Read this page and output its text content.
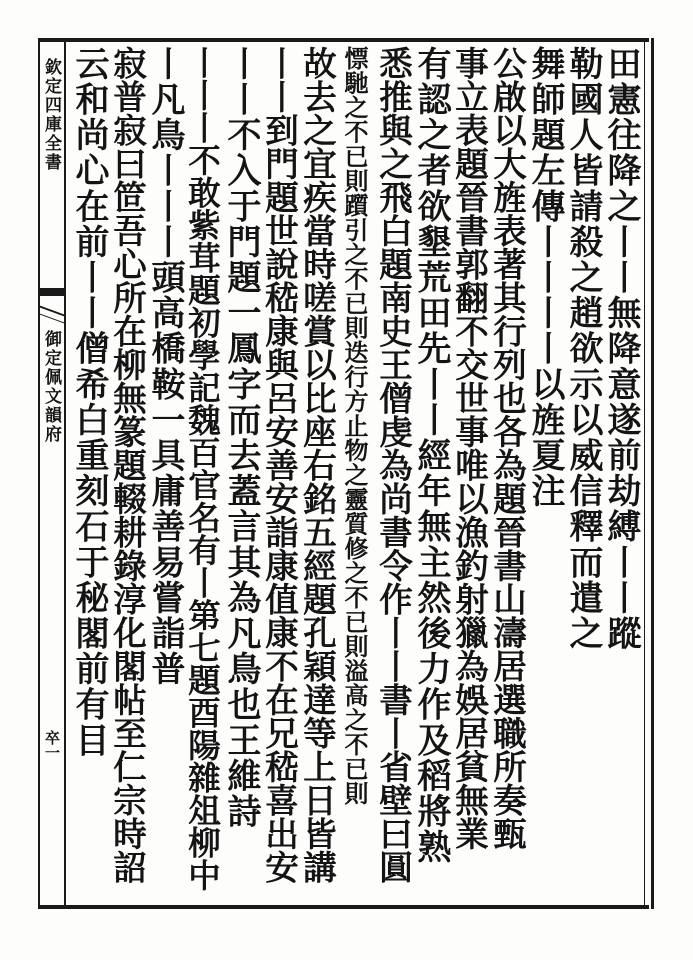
欽定四庫全書
御定佩文韻府
卒一
田憲往降之丨丨無降意遂前劫縛丨丨蹤
勒國人皆請殺之趙欲示以威信釋而遣之
舞師題左傳丨丨丨丨以旌夏注
公啟以大旌表著其行列也各為題晉書山濤居選職所奏甄
事立表題晉書郭翻不交世事唯以漁釣射獵為娛居貧無業
有認之者欲墾荒田先丨丨經年無主然後力作及稻將熟
悉推與之飛白題南史王僧虔為尚書令作丨丨書丨省壁曰圓
慓馳之不已則躓引之不已則迭行方止物之靈質修之不已則溢高之不已則
故去之宜疾當時嗟賞以比座右銘五經題孔穎達等上日皆講
丨丨到門題世說嵇康與呂安善安詣康值康不在兄嵇喜出安
丨丨不入于門題一鳳字而去蓋言其為凡鳥也王維詩
丨丨丨不敢紫茸題初學記魏百官名有丨第七題酉陽雜俎柳中
丨凡鳥丨丨丨頭高橋鞍一具庸善易嘗詣普
寂普寂曰笸吾心所在柳無篆題輟耕錄淳化閣帖至仁宗時詔
云和尚心在前丨丨僧希白重刻石于秘閣前有目
